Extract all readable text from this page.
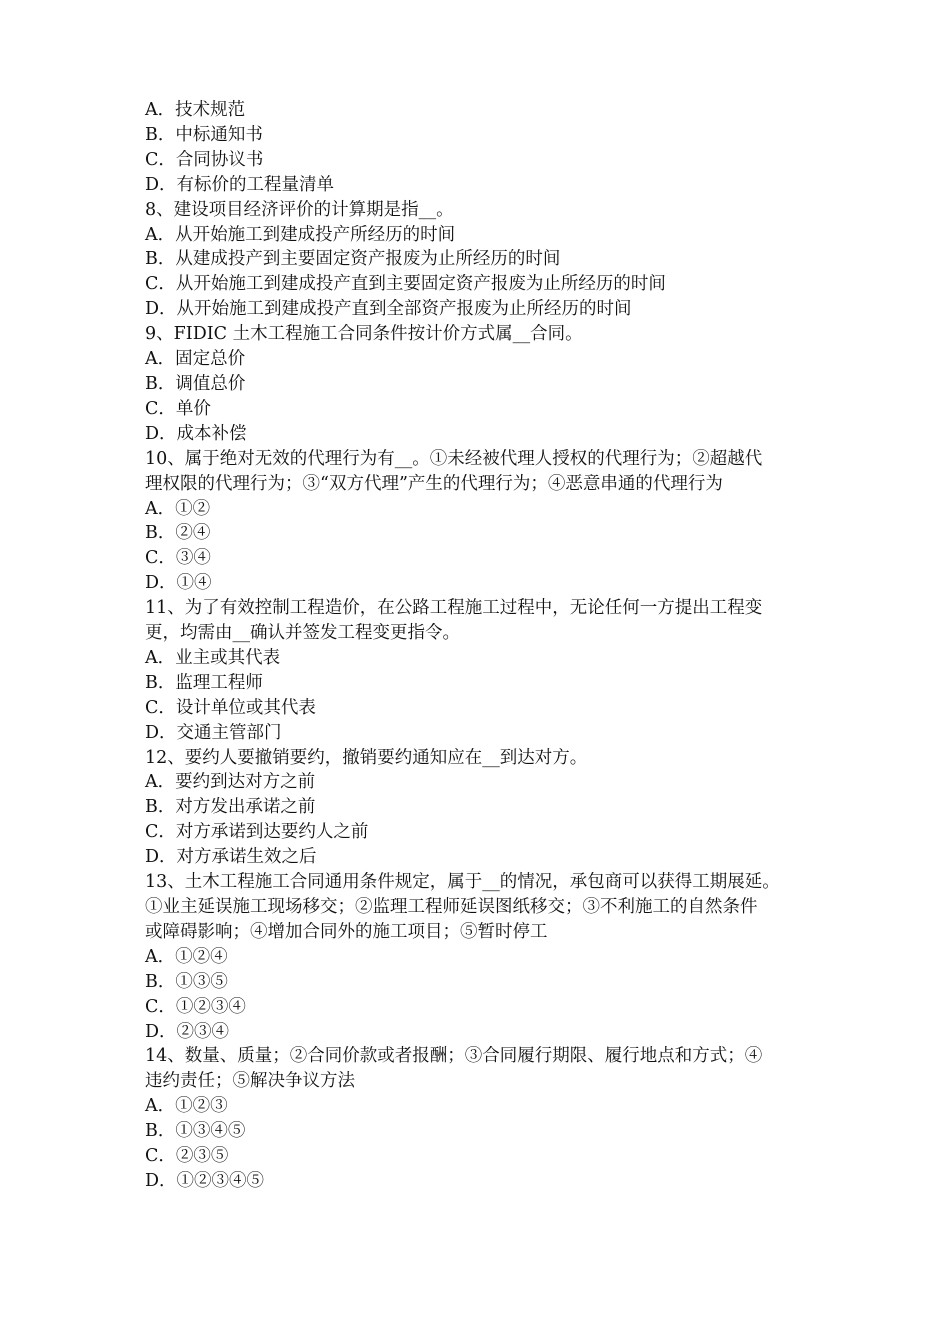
A．技术规范

B．中标通知书

C．合同协议书

D．有标价的工程量清单

8、建设项目经济评价的计算期是指__。

A．从开始施工到建成投产所经历的时间

B．从建成投产到主要固定资产报废为止所经历的时间

C．从开始施工到建成投产直到主要固定资产报废为止所经历的时间

D．从开始施工到建成投产直到全部资产报废为止所经历的时间

9、FIDIC 土木工程施工合同条件按计价方式属__合同。

A．固定总价

B．调值总价

C．单价

D．成本补偿

10、属于绝对无效的代理行为有__。①未经被代理人授权的代理行为；②超越代

理权限的代理行为；③“双方代理”产生的代理行为；④恶意串通的代理行为

A．①②

B．②④

C．③④

D．①④

11、为了有效控制工程造价，在公路工程施工过程中，无论任何一方提出工程变

更，均需由__确认并签发工程变更指令。

A．业主或其代表

B．监理工程师

C．设计单位或其代表

D．交通主管部门

12、要约人要撤销要约，撤销要约通知应在__到达对方。

A．要约到达对方之前

B．对方发出承诺之前

C．对方承诺到达要约人之前

D．对方承诺生效之后

13、土木工程施工合同通用条件规定，属于__的情况，承包商可以获得工期展延。

①业主延误施工现场移交；②监理工程师延误图纸移交；③不利施工的自然条件

或障碍影响；④增加合同外的施工项目；⑤暂时停工

A．①②④

B．①③⑤

C．①②③④

D．②③④

14、数量、质量；②合同价款或者报酬；③合同履行期限、履行地点和方式；④

违约责任；⑤解决争议方法

A．①②③

B．①③④⑤

C．②③⑤

D．①②③④⑤
